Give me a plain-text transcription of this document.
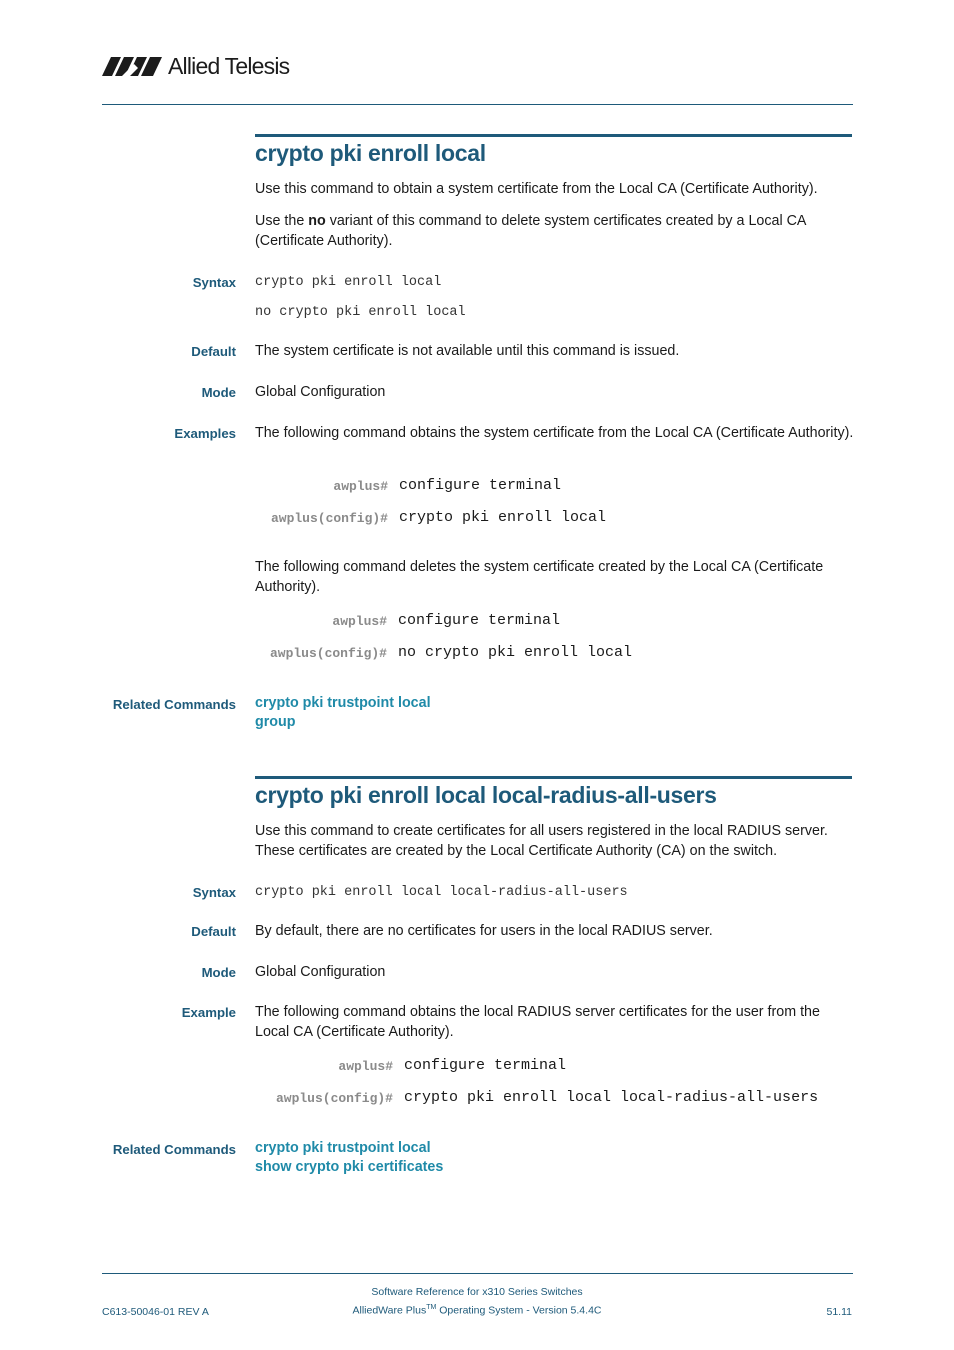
Allied Telesis
crypto pki enroll local
Use this command to obtain a system certificate from the Local CA (Certificate Authority).
Use the no variant of this command to delete system certificates created by a Local CA (Certificate Authority).
Syntax crypto pki enroll local
no crypto pki enroll local
Default The system certificate is not available until this command is issued.
Mode Global Configuration
Examples The following command obtains the system certificate from the Local CA (Certificate Authority).
awplus# configure terminal
awplus(config)# crypto pki enroll local
The following command deletes the system certificate created by the Local CA (Certificate Authority).
awplus# configure terminal
awplus(config)# no crypto pki enroll local
Related Commands crypto pki trustpoint local
group
crypto pki enroll local local-radius-all-users
Use this command to create certificates for all users registered in the local RADIUS server. These certificates are created by the Local Certificate Authority (CA) on the switch.
Syntax crypto pki enroll local local-radius-all-users
Default By default, there are no certificates for users in the local RADIUS server.
Mode Global Configuration
Example The following command obtains the local RADIUS server certificates for the user from the Local CA (Certificate Authority).
awplus# configure terminal
awplus(config)# crypto pki enroll local local-radius-all-users
Related Commands crypto pki trustpoint local
show crypto pki certificates
Software Reference for x310 Series Switches
C613-50046-01 REV A	AlliedWare Plus™ Operating System - Version 5.4.4C	51.11
